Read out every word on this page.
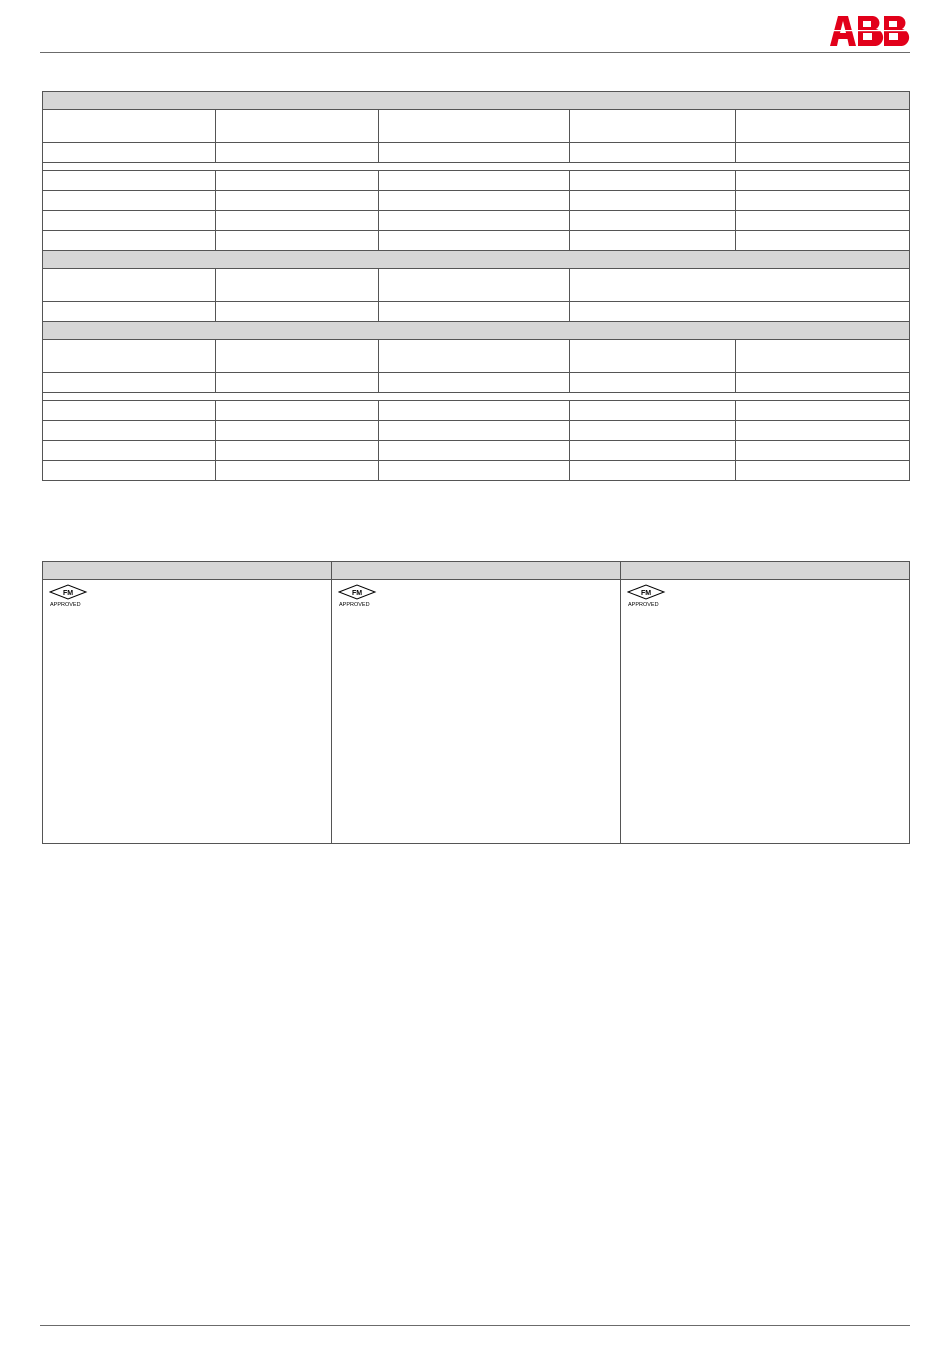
FM
APPROVED	FM
APPROVED	FM
APPROVED
